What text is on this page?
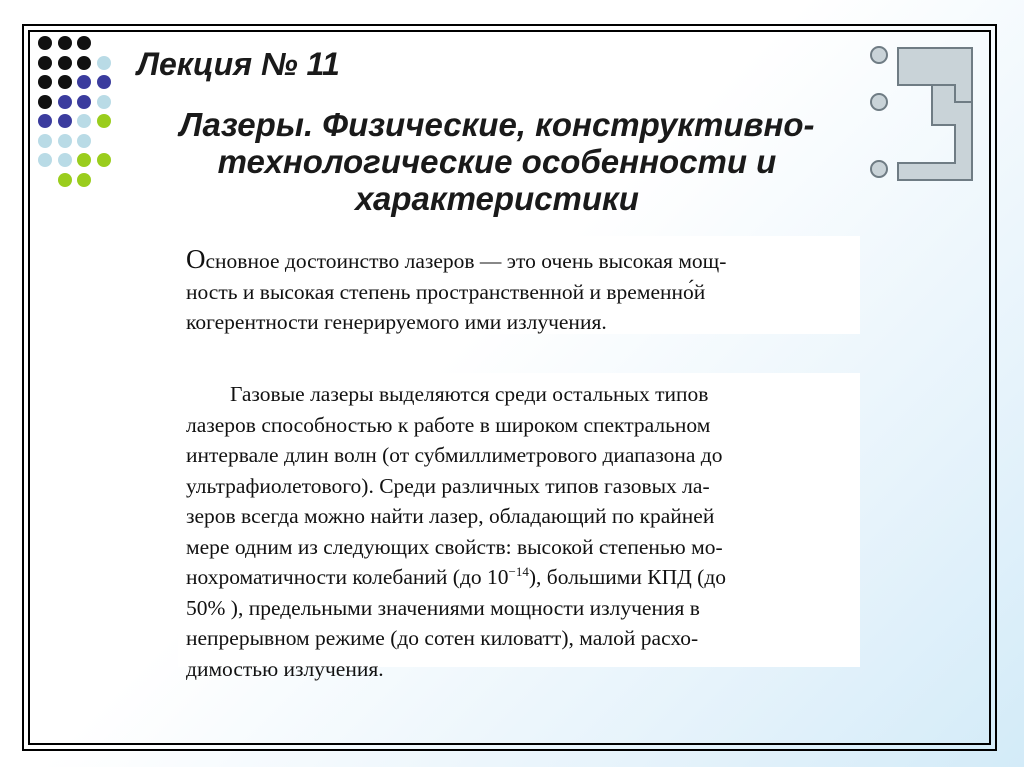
Лекция № 11
Лазеры. Физические, конструктивно-
технологические особенности и
характеристики
Основное достоинство лазеров — это очень высокая мощ-
ность и высокая степень пространственной и временно́й
когерентности генерируемого ими излучения.
Газовые лазеры выделяются среди остальных типов
лазеров способностью к работе в широком спектральном
интервале длин волн (от субмиллиметрового диапазона до
ультрафиолетового). Среди различных типов газовых ла-
зеров всегда можно найти лазер, обладающий по крайней
мере одним из следующих свойств: высокой степенью мо-
нохроматичности колебаний (до $10^{-14}$), большими КПД (до
50% ), предельными значениями мощности излучения в
непрерывном режиме (до сотен киловатт), малой расхо-
димостью излучения.
